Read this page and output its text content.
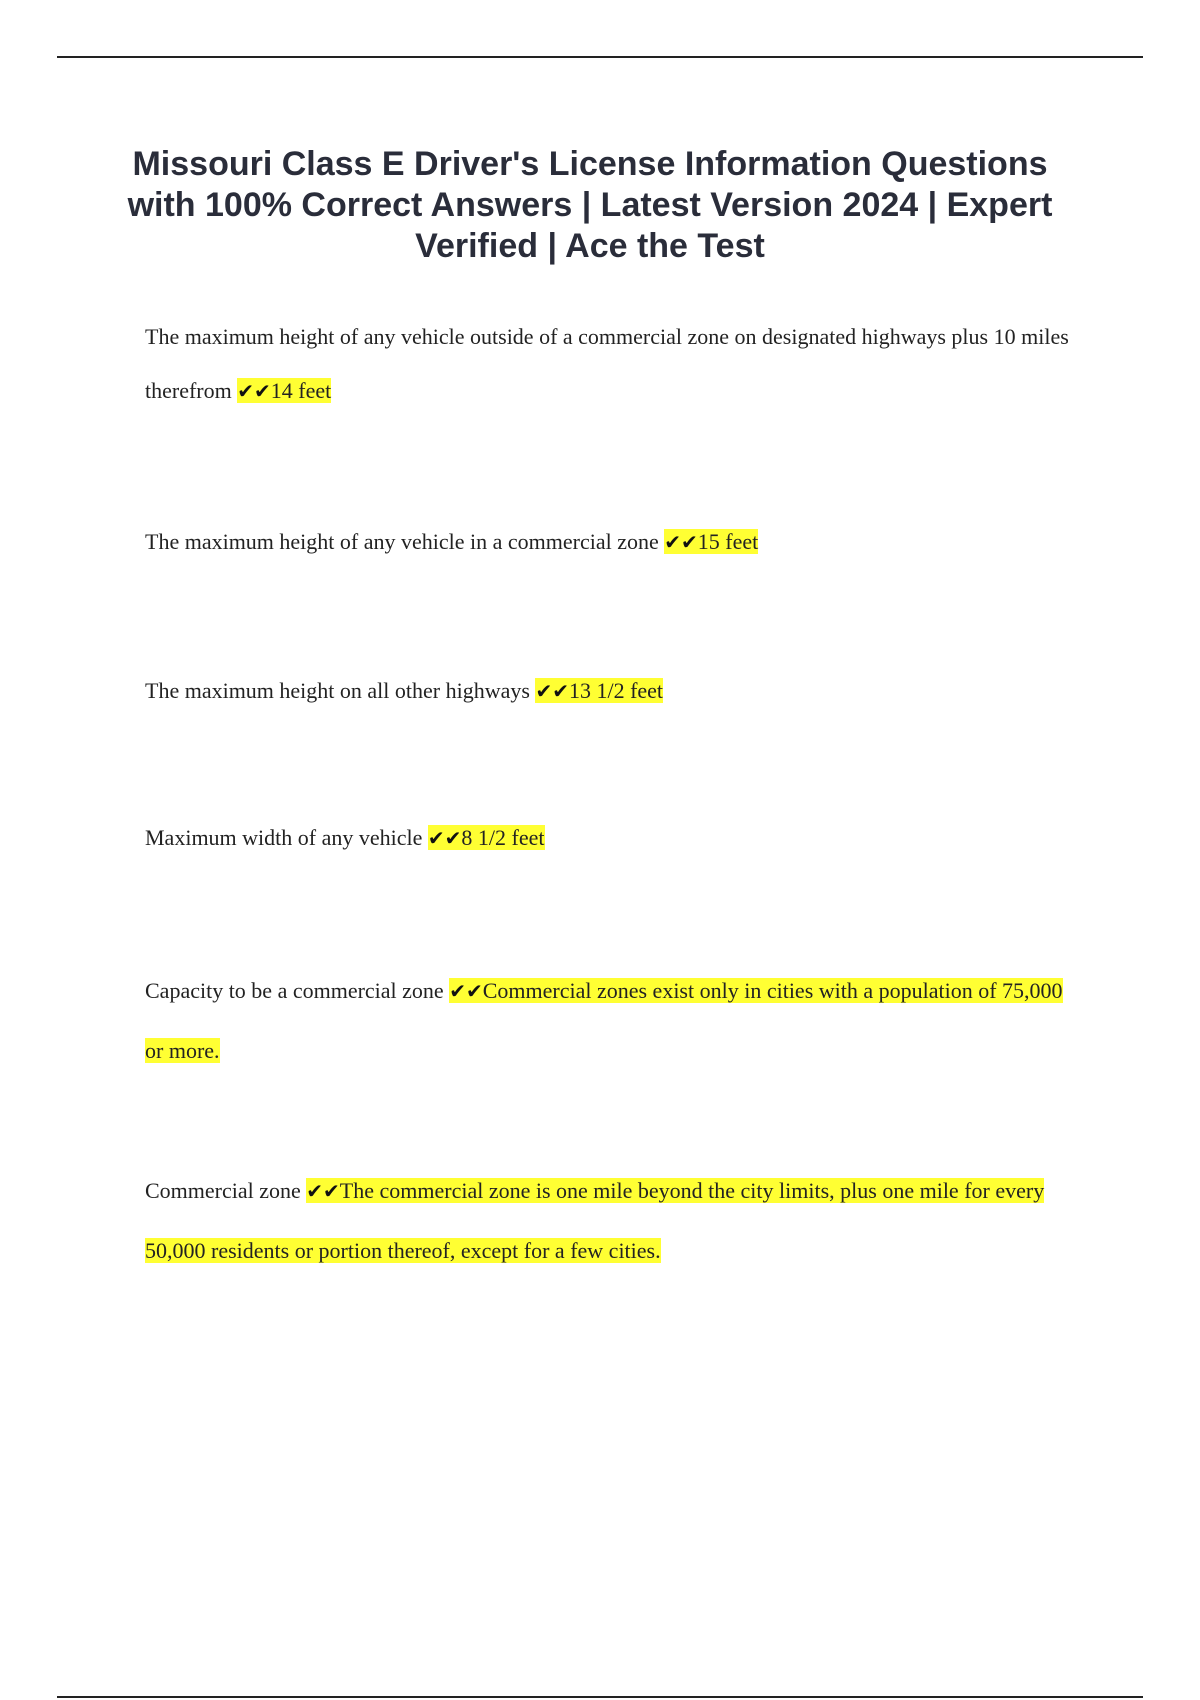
Missouri Class E Driver's License Information Questions with 100% Correct Answers | Latest Version 2024 | Expert Verified | Ace the Test

The maximum height of any vehicle outside of a commercial zone on designated highways plus 10 miles therefrom ✔✔14 feet

The maximum height of any vehicle in a commercial zone ✔✔15 feet

The maximum height on all other highways ✔✔13 1/2 feet

Maximum width of any vehicle ✔✔8 1/2 feet

Capacity to be a commercial zone ✔✔Commercial zones exist only in cities with a population of 75,000 or more.

Commercial zone ✔✔The commercial zone is one mile beyond the city limits, plus one mile for every 50,000 residents or portion thereof, except for a few cities.
